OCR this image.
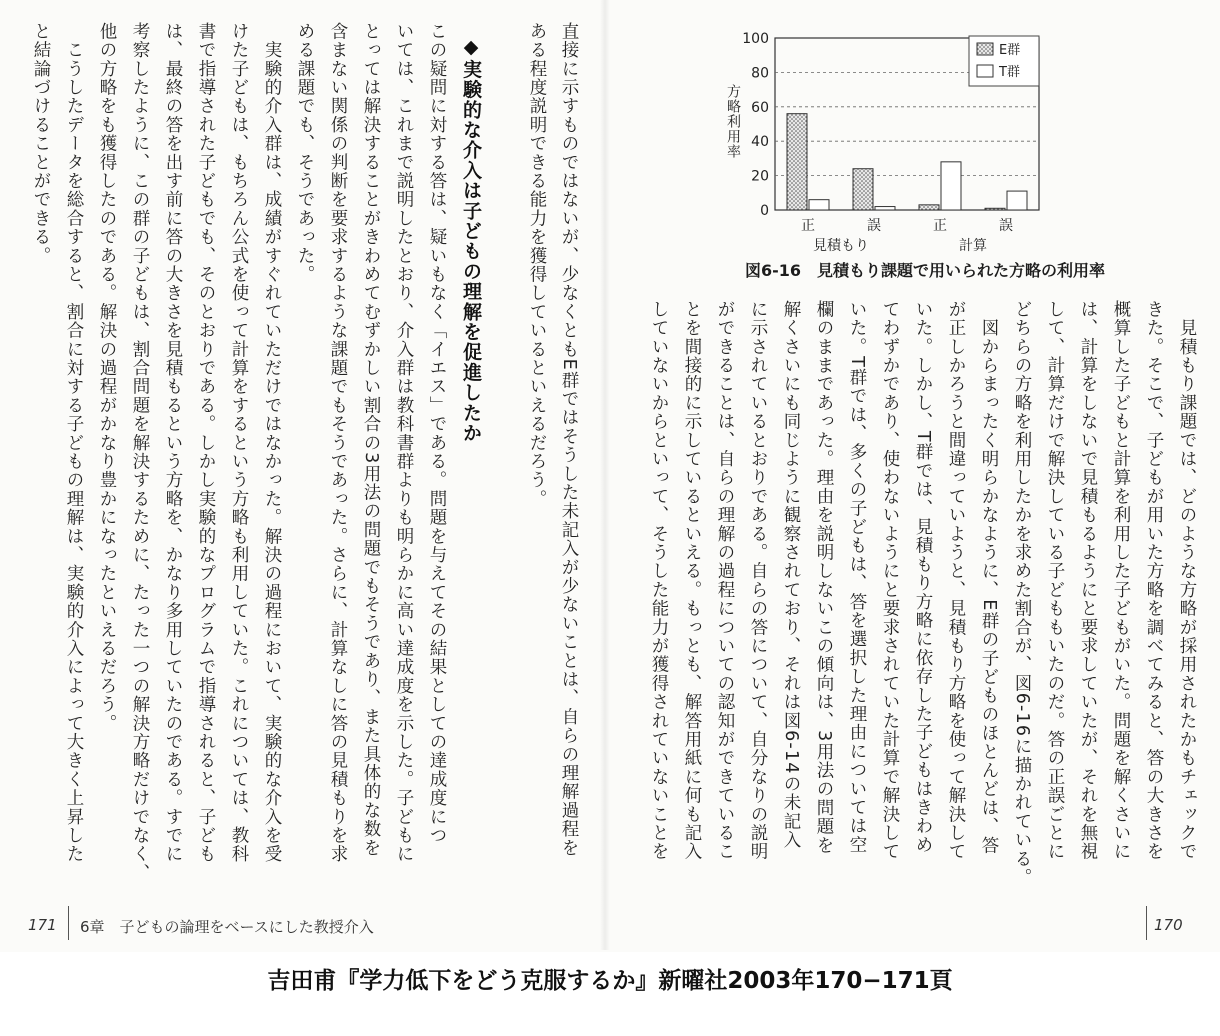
直接に示すものではないが、少なくともE群ではそうした未記入が少ないことは、自らの理解過程を
ある程度説明できる能力を獲得しているといえるだろう。
◆実験的な介入は子どもの理解を促進したか
この疑問に対する答は、疑いもなく「イエス」である。問題を与えてその結果としての達成度につ
いては、これまで説明したとおり、介入群は教科書群よりも明らかに高い達成度を示した。子どもに
とっては解決することがきわめてむずかしい割合の3用法の問題でもそうであり、また具体的な数を
含まない関係の判断を要求するような課題でもそうであった。さらに、計算なしに答の見積もりを求
める課題でも、そうであった。
　実験的介入群は、成績がすぐれていただけではなかった。解決の過程において、実験的な介入を受
けた子どもは、もちろん公式を使って計算をするという方略も利用していた。これについては、教科
書で指導された子どもでも、そのとおりである。しかし実験的なプログラムで指導されると、子ども
は、最終の答を出す前に答の大きさを見積もるという方略を、かなり多用していたのである。すでに
考察したように、この群の子どもは、割合問題を解決するために、たった一つの解決方略だけでなく、
他の方略をも獲得したのである。解決の過程がかなり豊かになったといえるだろう。
　こうしたデータを総合すると、割合に対する子どもの理解は、実験的介入によって大きく上昇した
と結論づけることができる。
171 6章　子どもの論理をベースにした教授介入
100
80
60
40
20
0
正	誤	正	誤
見積もり	計算
方略利用率
E群
T群
図6-16　見積もり課題で用いられた方略の利用率
　見積もり課題では、どのような方略が採用されたかもチェックで
きた。そこで、子どもが用いた方略を調べてみると、答の大きさを
概算した子どもと計算を利用した子どもがいた。問題を解くさいに
は、計算をしないで見積もるようにと要求していたが、それを無視
して、計算だけで解決している子どももいたのだ。答の正誤ごとに
どちらの方略を利用したかを求めた割合が、図6-16に描かれている。
　図からまったく明らかなように、E群の子どものほとんどは、答
が正しかろうと間違っていようと、見積もり方略を使って解決して
いた。しかし、T群では、見積もり方略に依存した子どもはきわめ
てわずかであり、使わないようにと要求されていた計算で解決して
いた。T群では、多くの子どもは、答を選択した理由については空
欄のままであった。理由を説明しないこの傾向は、3用法の問題を
解くさいにも同じように観察されており、それは図6-14の未記入
に示されているとおりである。自らの答について、自分なりの説明
ができることは、自らの理解の過程についての認知ができているこ
とを間接的に示しているといえる。もっとも、解答用紙に何も記入
していないからといって、そうした能力が獲得されていないことを
170
吉田甫『学力低下をどう克服するか』新曜社2003年170−171頁
